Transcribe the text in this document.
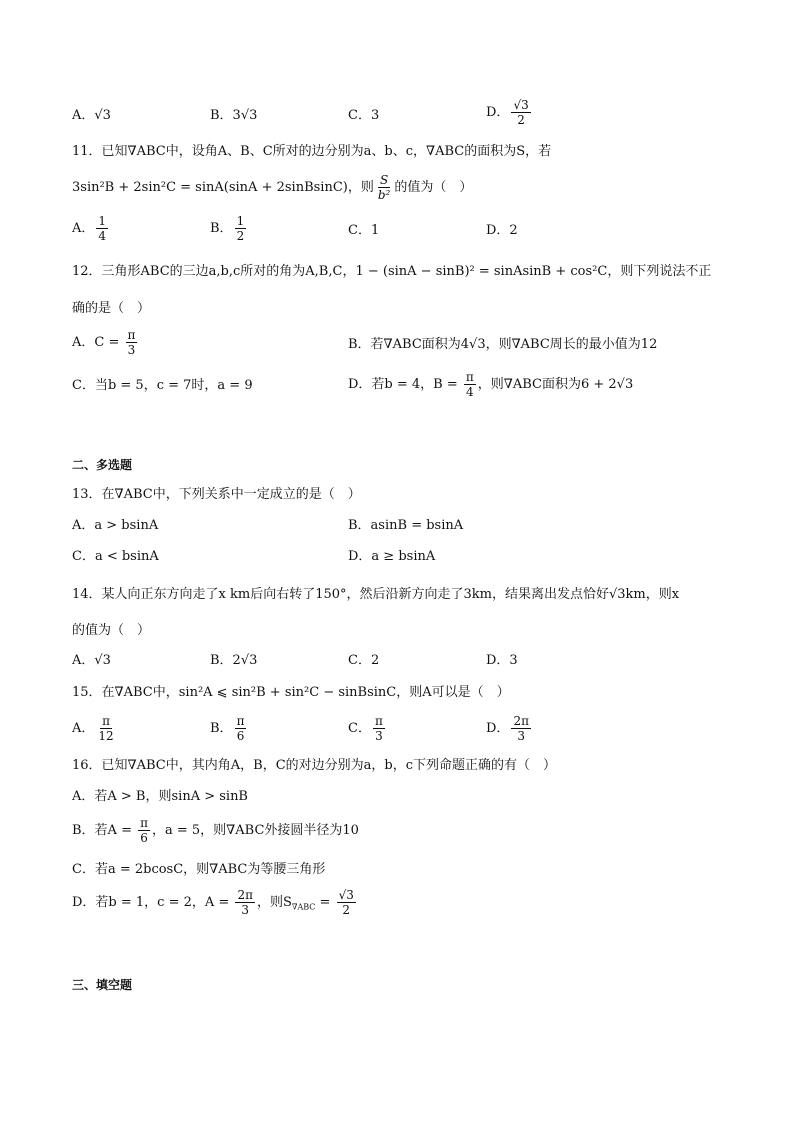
A．√3	B．3√3	C．3	D． $\frac{√3}{2}$
11．已知∇ABC中，设角A、B、C所对的边分别为a、b、c，∇ABC的面积为S，若
3sin²B + 2sin²C = sinA(sinA + 2sinBsinC)，则 $\frac{S}{\text{b²}}$ 的值为（　）
A． $\frac{1}{4}$	B． $\frac{1}{2}$	C．1	D．2
12．三角形ABC的三边a,b,c所对的角为A,B,C，1 − (sinA − sinB)² = sinAsinB + cos²C，则下列说法不正
确的是（　）
A．$C = \frac{\pi}{3}$	B．若∇ABC面积为4√3，则∇ABC周长的最小值为12
C．当b = 5，c = 7时，a = 9	D．若b = 4，$B = \frac{\pi}{4}$ ，则∇ABC面积为6 + 2√3
二、多选题
13．在∇ABC中，下列关系中一定成立的是（　）
A．a > bsinA	B．asinB = bsinA
C．a < bsinA	D．a ≥ bsinA
14．某人向正东方向走了x km后向右转了150°，然后沿新方向走了3km，结果离出发点恰好√3km，则x
的值为（　）
A．√3	B．2√3	C．2	D．3
15．在∇ABC中，sin²A ⩽ sin²B + sin²C − sinBsinC，则A可以是（　）
A． $\frac{\pi}{12}$	B． $\frac{\pi}{6}$	C． $\frac{\pi}{3}$	D． $\frac{2\pi}{3}$
16．已知∇ABC中，其内角A，B，C的对边分别为a，b，c下列命题正确的有（　）
A．若A > B，则sinA > sinB
B．若$A = \frac{\pi}{6}$ ，a = 5，则∇ABC外接圆半径为10
C．若a = 2bcosC，则∇ABC为等腰三角形
D．若b = 1，c = 2，$A = \frac{2\pi}{3}$ ，则$S_{\nabla ABC} = \frac{√3}{2}$
三、填空题
